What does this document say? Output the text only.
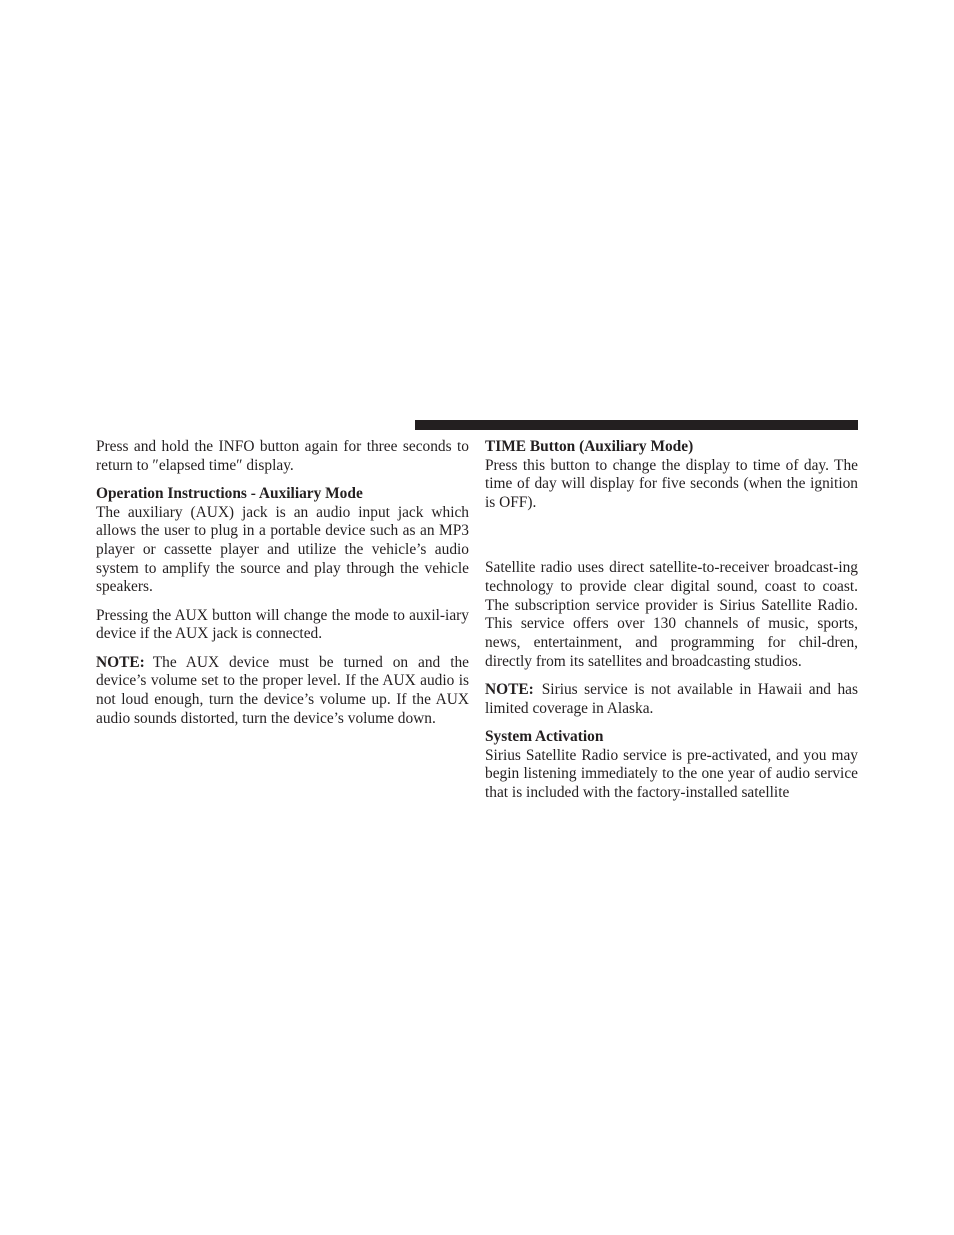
Press and hold the INFO button again for three seconds to return to ″elapsed time″ display.

Operation Instructions - Auxiliary Mode

The auxiliary (AUX) jack is an audio input jack which allows the user to plug in a portable device such as an MP3 player or cassette player and utilize the vehicle’s audio system to amplify the source and play through the vehicle speakers.

Pressing the AUX button will change the mode to auxil-iary device if the AUX jack is connected.

NOTE: The AUX device must be turned on and the device’s volume set to the proper level. If the AUX audio is not loud enough, turn the device’s volume up. If the AUX audio sounds distorted, turn the device’s volume down.

TIME Button (Auxiliary Mode)

Press this button to change the display to time of day. The time of day will display for five seconds (when the ignition is OFF).

Satellite radio uses direct satellite-to-receiver broadcast-ing technology to provide clear digital sound, coast to coast. The subscription service provider is Sirius Satellite Radio. This service offers over 130 channels of music, sports, news, entertainment, and programming for chil-dren, directly from its satellites and broadcasting studios.

NOTE: Sirius service is not available in Hawaii and has limited coverage in Alaska.

System Activation

Sirius Satellite Radio service is pre-activated, and you may begin listening immediately to the one year of audio service that is included with the factory-installed satellite
